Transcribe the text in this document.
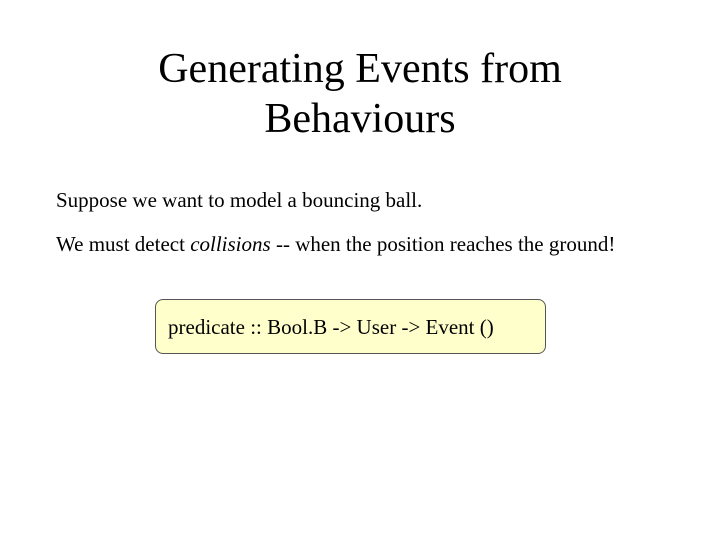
Generating Events from
Behaviours

Suppose we want to model a bouncing ball.

We must detect collisions -- when the position reaches the ground!

predicate :: Bool.B -> User -> Event ()
